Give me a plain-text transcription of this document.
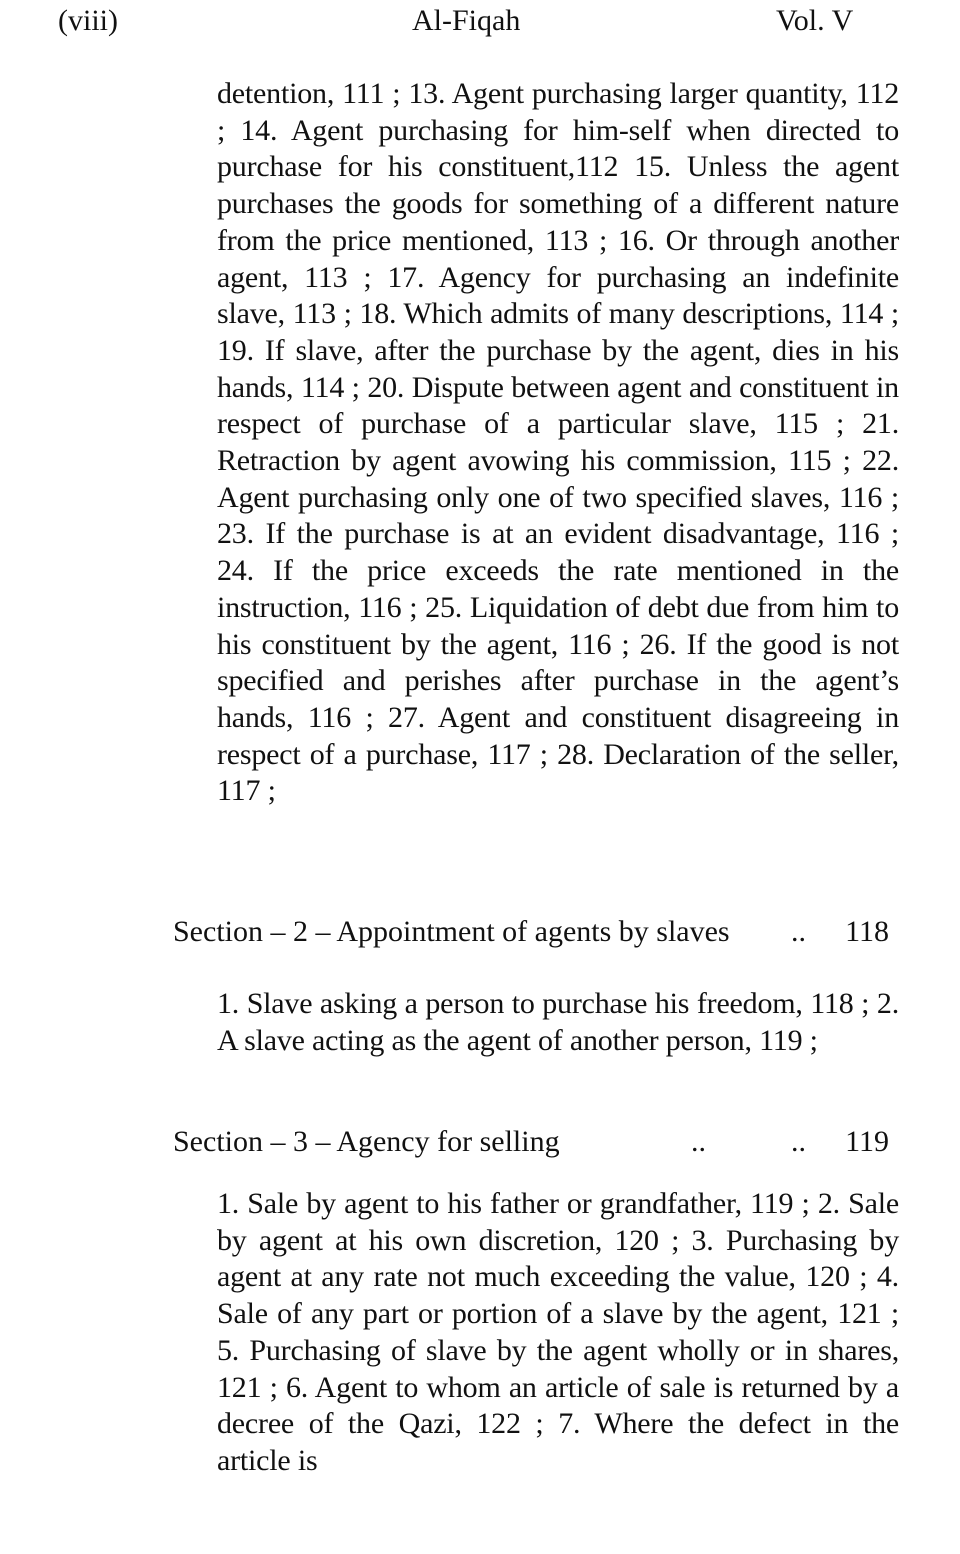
(viii)	Al-Fiqah	Vol. V
detention, 111 ; 13. Agent purchasing larger quantity, 112 ; 14. Agent purchasing for him-self when directed to purchase for his constituent,112 15. Unless the agent purchases the goods for something of a different nature from the price mentioned, 113 ; 16. Or through another agent, 113 ; 17. Agency for purchasing an indefinite slave, 113 ; 18. Which admits of many descriptions, 114 ; 19. If slave, after the purchase by the agent, dies in his hands, 114 ; 20. Dispute between agent and constituent in respect of purchase of a particular slave, 115 ; 21. Retraction by agent avowing his commission, 115 ; 22. Agent purchasing only one of two specified slaves, 116 ; 23. If the purchase is at an evident disadvantage, 116 ; 24. If the price exceeds the rate mentioned in the instruction, 116 ; 25. Liquidation of debt due from him to his constituent by the agent, 116 ; 26. If the good is not specified and perishes after purchase in the agent’s hands, 116 ; 27. Agent and constituent disagreeing in respect of a purchase, 117 ; 28. Declaration of the seller, 117 ;
Section – 2 – Appointment of agents by slaves .. 118
1. Slave asking a person to purchase his freedom, 118 ; 2. A slave acting as the agent of another person, 119 ;
Section – 3 – Agency for selling	..	.. 119
1. Sale by agent to his father or grandfather, 119 ; 2. Sale by agent at his own discretion, 120 ; 3. Purchasing by agent at any rate not much exceeding the value, 120 ; 4. Sale of any part or portion of a slave by the agent, 121 ; 5. Purchasing of slave by the agent wholly or in shares, 121 ; 6. Agent to whom an article of sale is returned by a decree of the Qazi, 122 ; 7. Where the defect in the article is
